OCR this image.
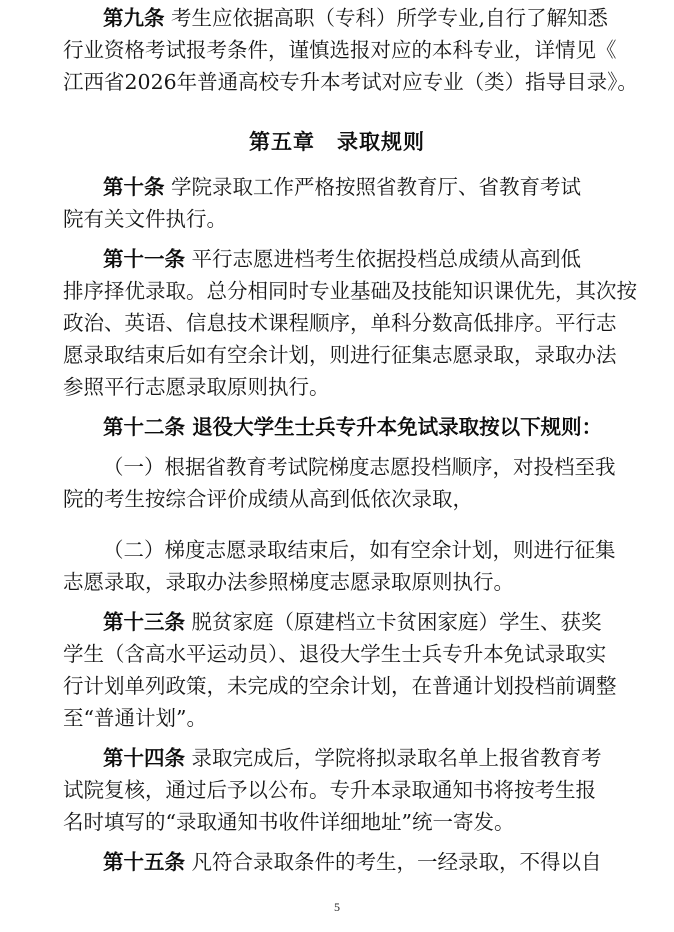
第九条 考生应依据高职（专科）所学专业,自行了解知悉
行业资格考试报考条件，谨慎选报对应的本科专业，详情见《
江西省2026年普通高校专升本考试对应专业（类）指导目录》。
第五章　录取规则
第十条 学院录取工作严格按照省教育厅、省教育考试
院有关文件执行。
第十一条 平行志愿进档考生依据投档总成绩从高到低
排序择优录取。总分相同时专业基础及技能知识课优先，其次按
政治、英语、信息技术课程顺序，单科分数高低排序。平行志
愿录取结束后如有空余计划，则进行征集志愿录取，录取办法
参照平行志愿录取原则执行。
第十二条 退役大学生士兵专升本免试录取按以下规则：
（一）根据省教育考试院梯度志愿投档顺序，对投档至我
院的考生按综合评价成绩从高到低依次录取，
（二）梯度志愿录取结束后，如有空余计划，则进行征集
志愿录取，录取办法参照梯度志愿录取原则执行。
第十三条 脱贫家庭（原建档立卡贫困家庭）学生、获奖
学生（含高水平运动员）、退役大学生士兵专升本免试录取实
行计划单列政策，未完成的空余计划，在普通计划投档前调整
至“普通计划”。
第十四条 录取完成后，学院将拟录取名单上报省教育考
试院复核，通过后予以公布。专升本录取通知书将按考生报
名时填写的“录取通知书收件详细地址”统一寄发。
第十五条 凡符合录取条件的考生，一经录取，不得以自
5
